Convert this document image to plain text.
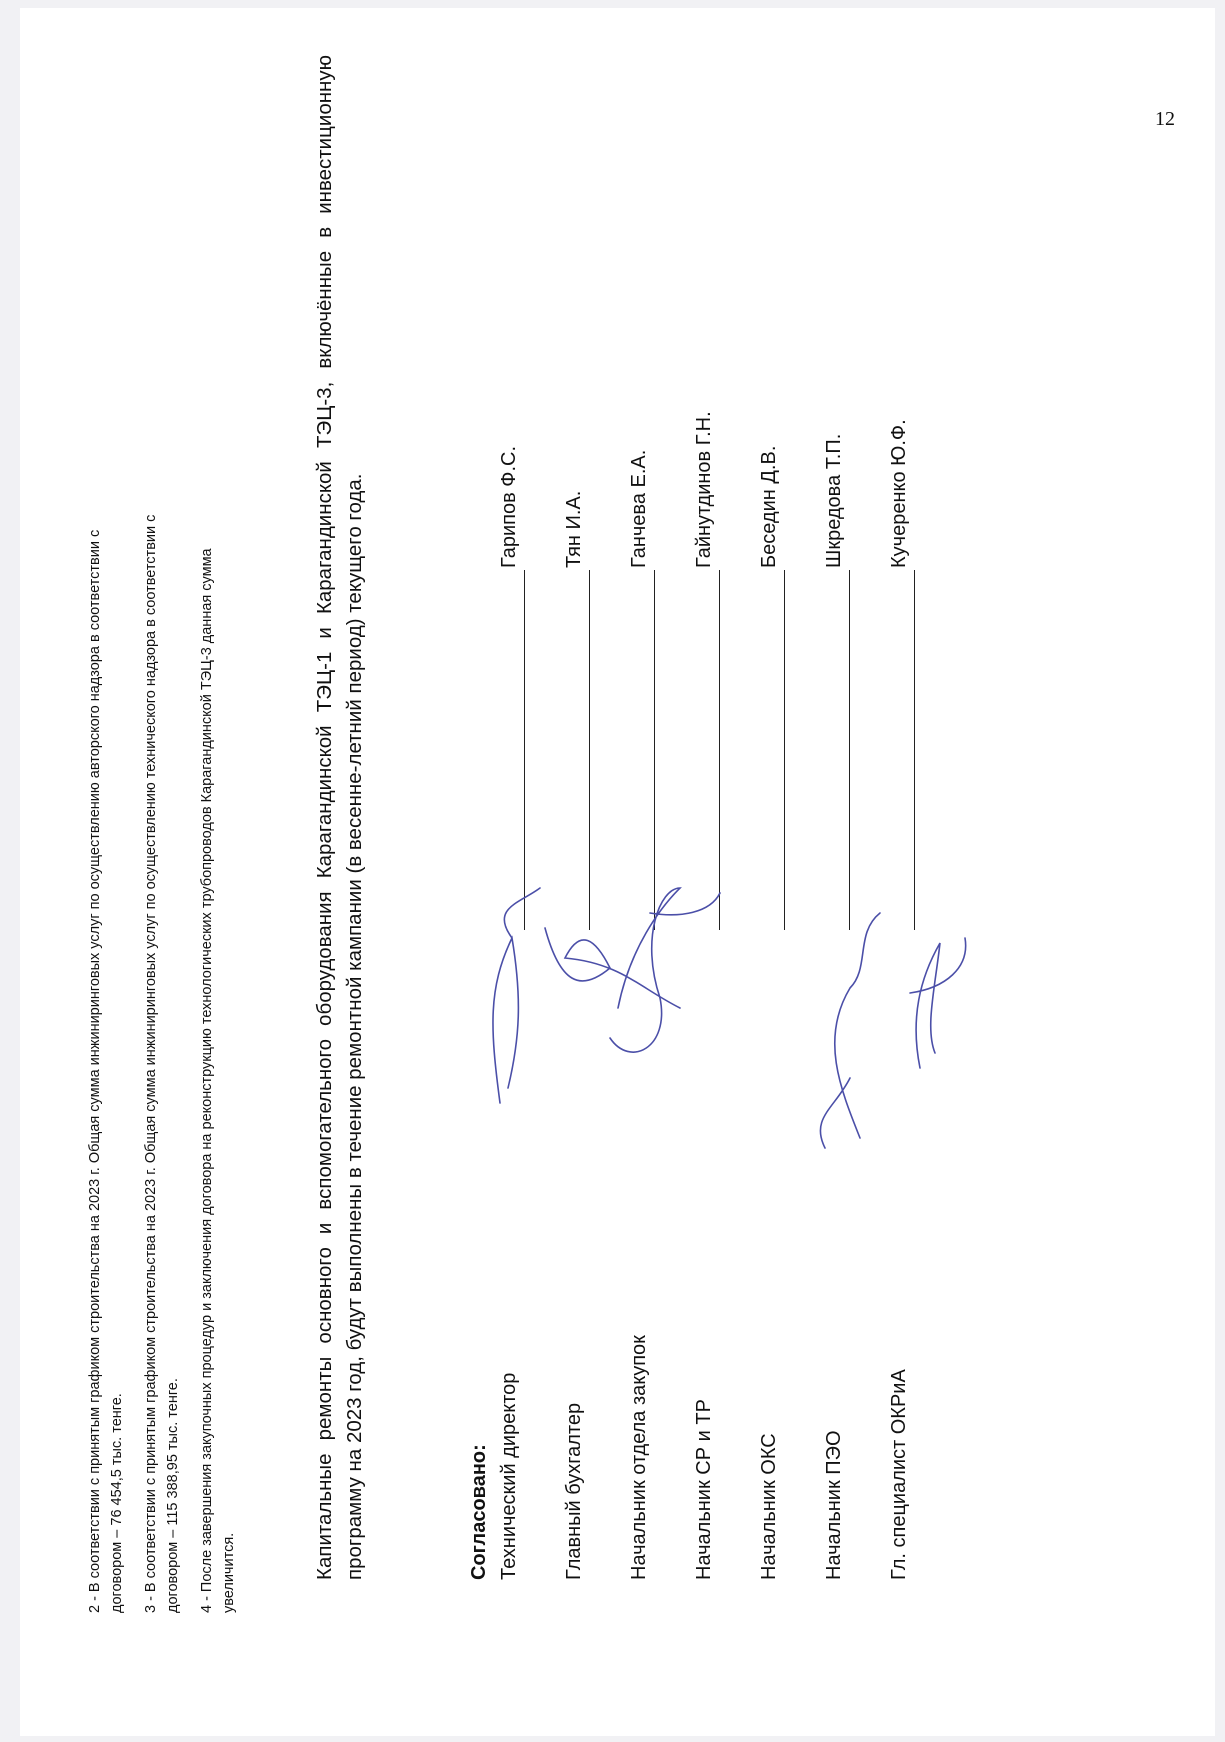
2- В соответствии с принятым графиком строительства на 2023 г. Общая сумма инжиниринговых услуг по осуществлению авторского надзора в соответствии с договором – 76 454,5 тыс. тенге. 3- В соответствии с принятым графиком строительства на 2023 г. Общая сумма инжиниринговых услуг по осуществлению технического надзора в соответствии с договором – 115 388,95 тыс. тенге. 4- После завершения закупочных процедур и заключения договора на реконструкцию технологических трубопроводов Карагандинской ТЭЦ-3 данная сумма увеличится.	Капитальные ремонты основного и вспомогательного оборудования Карагандинской ТЭЦ-1 и Карагандинской ТЭЦ-3, включённые в инвестиционную программу на 2023 год, будут выполнены в течение ремонтной кампании (в весенне-летний период) текущего года.	Согласовано: Технический директор
Гарипов Ф.С.
Главный бухгалтер
Тян И.А.
Начальник отдела закупок
Ганчева Е.А.
Начальник СР и ТР
Гайнутдинов Г.Н.
Начальник ОКС
Беседин Д.В.
Начальник ПЭО
Шкредова Т.П.
Гл. специалист ОКРиА
Кучеренко Ю.Ф.
12
